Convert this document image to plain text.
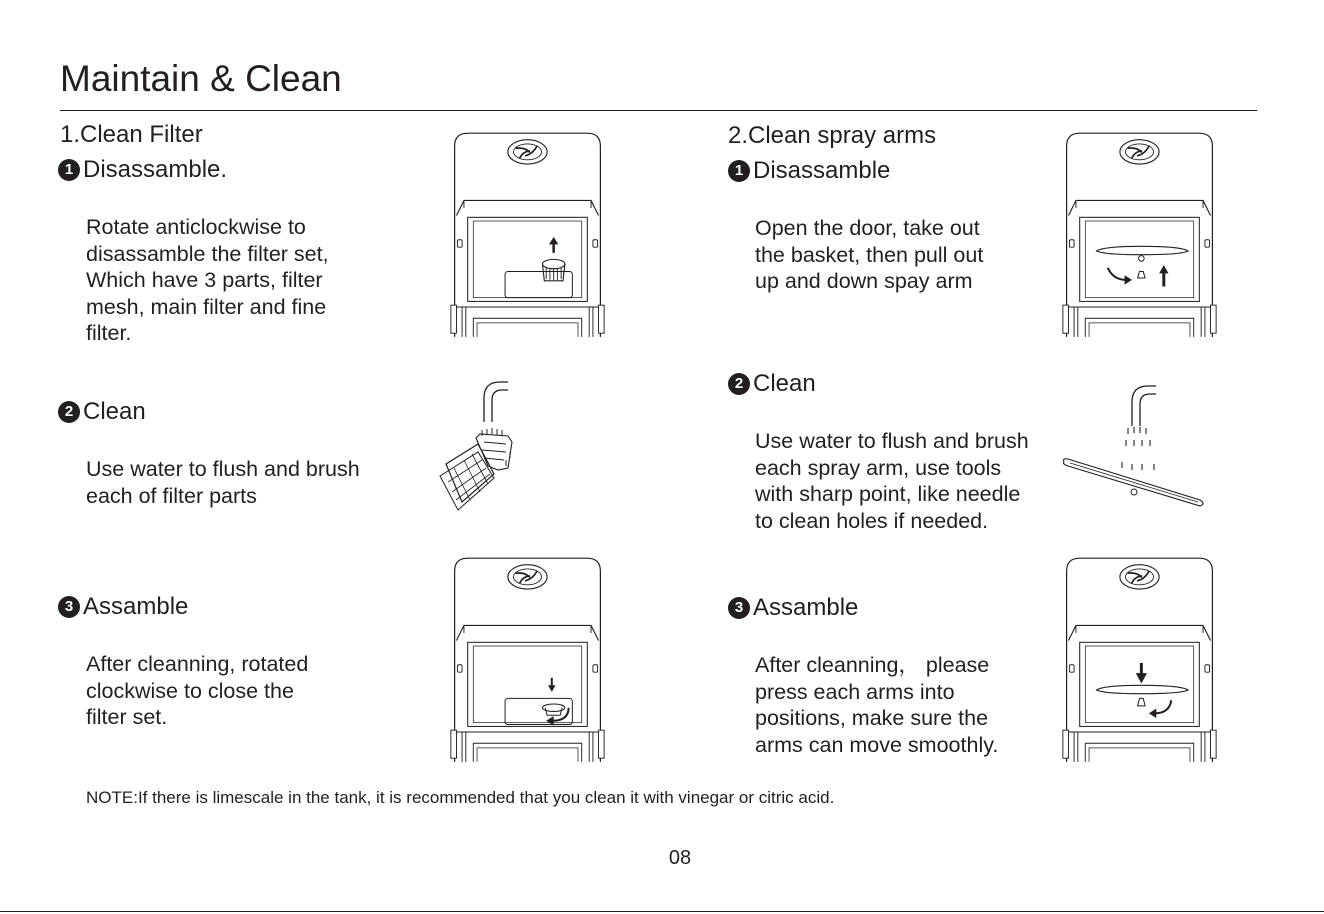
Maintain & Clean
1.Clean Filter
1 Disassamble.
Rotate anticlockwise to
disassamble the filter set,
Which have 3 parts, filter
mesh, main filter and fine
filter.
2 Clean
Use water to flush and brush
each of filter parts
3 Assamble
After cleanning, rotated
clockwise to close the
filter set.
2.Clean spray arms
1 Disassamble
Open the door, take out
the basket, then pull out
up and down spay arm
2 Clean
Use water to flush and brush
each spray arm, use tools
with sharp point, like needle
to clean holes if needed.
3 Assamble
After cleanning， please
press each arms into
positions, make sure the
arms can move smoothly.
NOTE:If there is limescale in the tank, it is recommended that you clean it with vinegar or citric acid.
08
